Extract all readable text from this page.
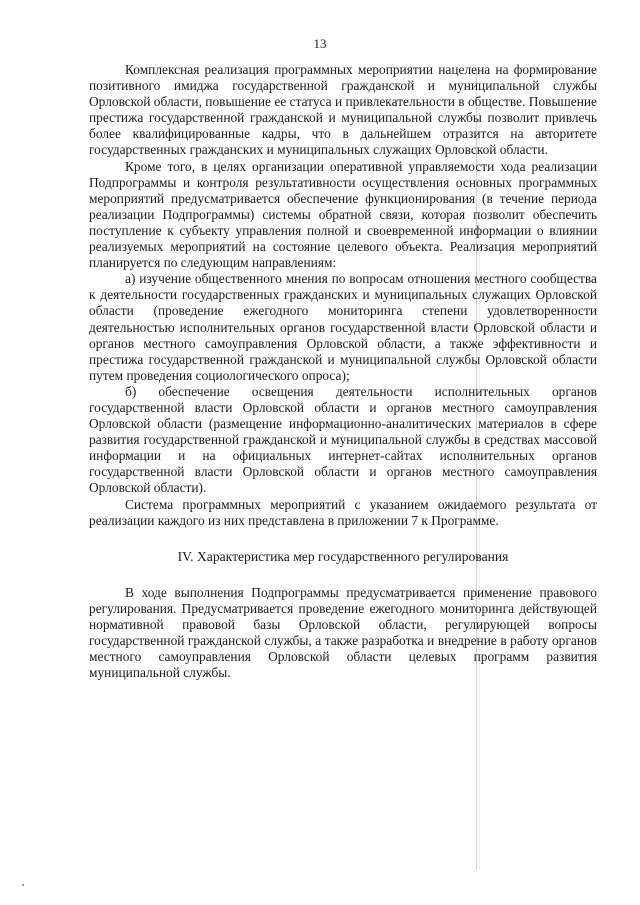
13

Комплексная реализация программных мероприятии нацелена на формирование позитивного имиджа государственной гражданской и муниципальной службы Орловской области, повышение ее статуса и привлекательности в обществе. Повышение престижа государственной гражданской и муниципальной службы позволит привлечь более квалифицированные кадры, что в дальнейшем отразится на авторитете государственных гражданских и муниципальных служащих Орловской области.

Кроме того, в целях организации оперативной управляемости хода реализации Подпрограммы и контроля результативности осуществления основных программных мероприятий предусматривается обеспечение функционирования (в течение периода реализации Подпрограммы) системы обратной связи, которая позволит обеспечить поступление к субъекту управления полной и своевременной информации о влиянии реализуемых мероприятий на состояние целевого объекта. Реализация мероприятий планируется по следующим направлениям:

а) изучение общественного мнения по вопросам отношения местного сообщества к деятельности государственных гражданских и муниципальных служащих Орловской области (проведение ежегодного мониторинга степени удовлетворенности деятельностью исполнительных органов государственной власти Орловской области и органов местного самоуправления Орловской области, а также эффективности и престижа государственной гражданской и муниципальной службы Орловской области путем проведения социологического опроса);

б) обеспечение освещения деятельности исполнительных органов государственной власти Орловской области и органов местного самоуправления Орловской области (размещение информационно-аналитических материалов в сфере развития государственной гражданской и муниципальной службы в средствах массовой информации и на официальных интернет-сайтах исполнительных органов государственной власти Орловской области и органов местного самоуправления Орловской области).

Система программных мероприятий с указанием ожидаемого результата от реализации каждого из них представлена в приложении 7 к Программе.

IV. Характеристика мер государственного регулирования

В ходе выполнения Подпрограммы предусматривается применение правового регулирования. Предусматривается проведение ежегодного мониторинга действующей нормативной правовой базы Орловской области, регулирующей вопросы государственной гражданской службы, а также разработка и внедрение в работу органов местного самоуправления Орловской области целевых программ развития муниципальной службы.
